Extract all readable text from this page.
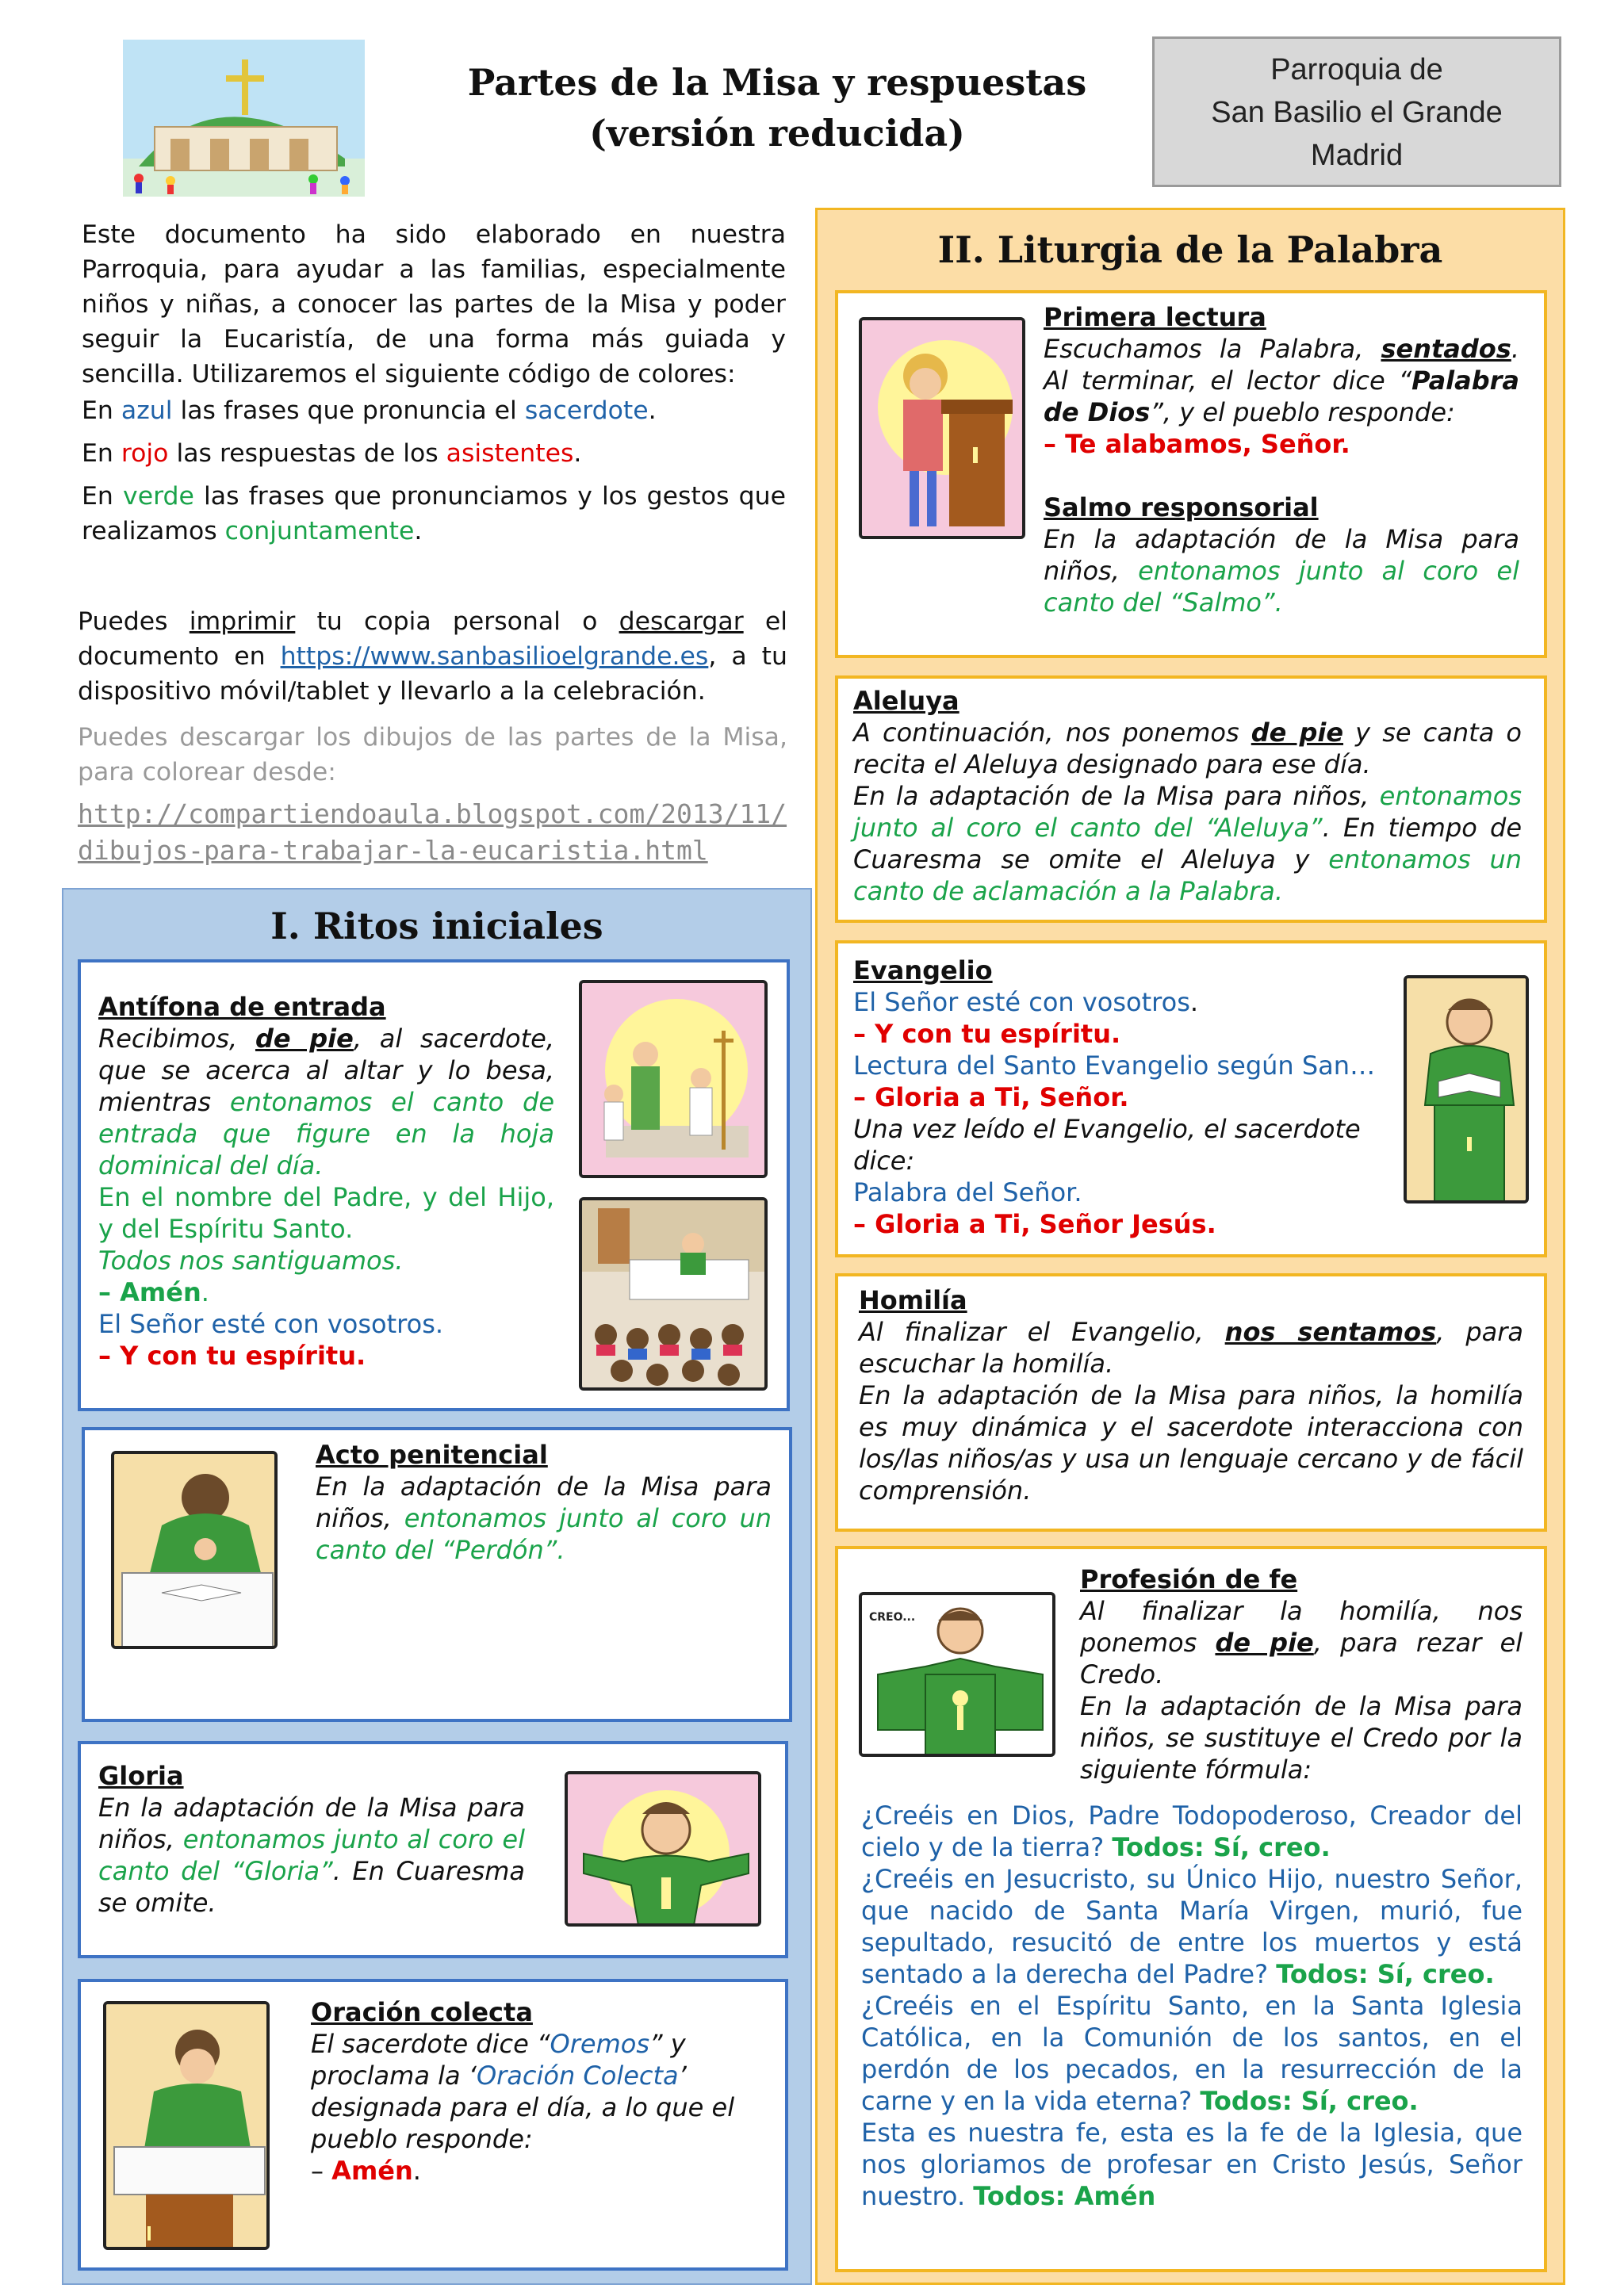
Partes de la Misa y respuestas
(versión reducida)
Parroquia de
San Basilio el Grande
Madrid

Este documento ha sido elaborado en nuestra Parroquia, para ayudar a las familias, especialmente niños y niñas, a conocer las partes de la Misa y poder seguir la Eucaristía, de una forma más guiada y sencilla. Utilizaremos el siguiente código de colores:

En azul las frases que pronuncia el sacerdote.

En rojo las respuestas de los asistentes.

En verde las frases que pronunciamos y los gestos que realizamos conjuntamente.

Puedes imprimir tu copia personal o descargar el documento en https://www.sanbasilioelgrande.es, a tu dispositivo móvil/tablet y llevarlo a la celebración.
Puedes descargar los dibujos de las partes de la Misa, para colorear desde:
http://compartiendoaula.blogspot.com/2013/11/
dibujos-para-trabajar-la-eucaristia.html
I. Ritos iniciales
Antífona de entrada
Recibimos, de pie, al sacerdote, que se acerca al altar y lo besa, mientras entonamos el canto de entrada que figure en la hoja dominical del día.
En el nombre del Padre, y del Hijo, y del Espíritu Santo.
Todos nos santiguamos.
– Amén.
El Señor esté con vosotros.
– Y con tu espíritu.
Acto penitencial
En la adaptación de la Misa para niños, entonamos junto al coro un canto del “Perdón”.
Gloria
En la adaptación de la Misa para niños, entonamos junto al coro el canto del “Gloria”. En Cuaresma se omite.
Oración colecta
El sacerdote dice “Oremos” y proclama la ‘Oración Colecta’ designada para el día, a lo que el pueblo responde:
– Amén.
II. Liturgia de la Palabra
Primera lectura
Escuchamos la Palabra, sentados. Al terminar, el lector dice “Palabra de Dios”, y el pueblo responde:
– Te alabamos, Señor.
Salmo responsorial
En la adaptación de la Misa para niños, entonamos junto al coro el canto del “Salmo”.
Aleluya
A continuación, nos ponemos de pie y se canta o recita el Aleluya designado para ese día.
En la adaptación de la Misa para niños, entonamos junto al coro el canto del “Aleluya”. En tiempo de Cuaresma se omite el Aleluya y entonamos un canto de aclamación a la Palabra.
Evangelio
El Señor esté con vosotros.
– Y con tu espíritu.
Lectura del Santo Evangelio según San…
– Gloria a Ti, Señor.
Una vez leído el Evangelio, el sacerdote dice:
Palabra del Señor.
– Gloria a Ti, Señor Jesús.
Homilía
Al finalizar el Evangelio, nos sentamos, para escuchar la homilía.
En la adaptación de la Misa para niños, la homilía es muy dinámica y el sacerdote interacciona con los/las niños/as y usa un lenguaje cercano y de fácil comprensión.
CREO...
Profesión de fe
Al finalizar la homilía, nos ponemos de pie, para rezar el Credo.
En la adaptación de la Misa para niños, se sustituye el Credo por la siguiente fórmula:
¿Creéis en Dios, Padre Todopoderoso, Creador del cielo y de la tierra? Todos: Sí, creo.
¿Creéis en Jesucristo, su Único Hijo, nuestro Señor, que nacido de Santa María Virgen, murió, fue sepultado, resucitó de entre los muertos y está sentado a la derecha del Padre? Todos: Sí, creo.
¿Creéis en el Espíritu Santo, en la Santa Iglesia Católica, en la Comunión de los santos, en el perdón de los pecados, en la resurrección de la carne y en la vida eterna? Todos: Sí, creo.
Esta es nuestra fe, esta es la fe de la Iglesia, que nos gloriamos de profesar en Cristo Jesús, Señor nuestro. Todos: Amén
